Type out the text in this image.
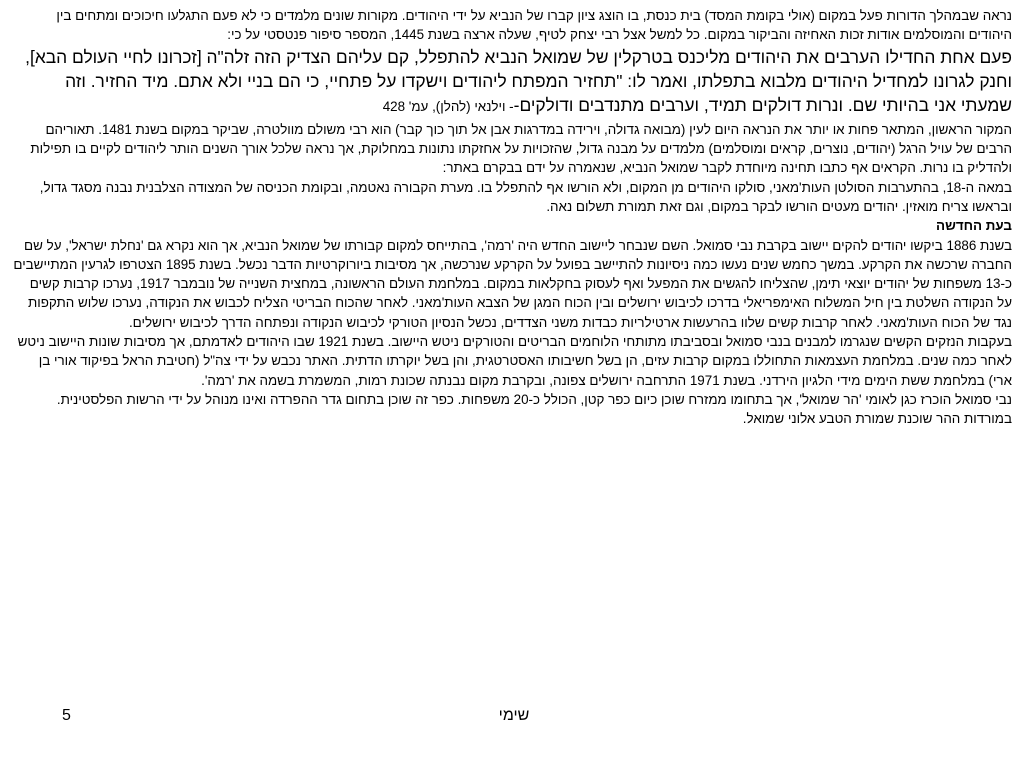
נראה שבמהלך הדורות פעל במקום (אולי בקומת המסד) בית כנסת, בו הוצג ציון קברו של הנביא על ידי היהודים. מקורות שונים מלמדים כי לא פעם התגלעו חיכוכים ומתחים בין היהודים והמוסלמים אודות זכות האחיזה והביקור במקום. כל למשל אצל רבי יצחק לטיף, שעלה ארצה בשנת 1445, המספר סיפור פנטסטי על כי:

פעם אחת החדילו הערבים את היהודים מליכנס בטרקלין של שמואל הנביא להתפלל, קם עליהם הצדיק הזה זלה"ה [זכרונו לחיי העולם הבא], וחנק לגרונו למחדיל היהודים מלבוא בתפלתו, ואמר לו: "תחזיר המפתח ליהודים וישקדו על פתחיי, כי הם בניי ולא אתם. מיד החזיר. וזה שמעתי אני בהיותי שם. ונרות דולקים תמיד, וערבים מתנדבים ודולקים-- וילנאי (להלן), עמ' 428

המקור הראשון, המתאר פחות או יותר את הנראה היום לעין (מבואה גדולה, וירידה במדרגות אבן אל תוך כוך קבר) הוא רבי משולם מוולטרה, שביקר במקום בשנת 1481. תאוריהם הרבים של עויל הרגל (יהודים, נוצרים, קראים ומוסלמים) מלמדים על מבנה גדול, שהזכויות על אחזקתו נתונות במחלוקת, אך נראה שלכל אורך השנים הותר ליהודים לקיים בו תפילות ולהדליק בו נרות. הקראים אף כתבו תחינה מיוחדת לקבר שמואל הנביא, שנאמרה על ידם בבקרם באתר:

במאה ה-18, בהתערבות הסולטן העות'מאני, סולקו היהודים מן המקום, ולא הורשו אף להתפלל בו. מערת הקבורה נאטמה, ובקומת הכניסה של המצודה הצלבנית נבנה מסגד גדול, ובראשו צריח מואזין. יהודים מעטים הורשו לבקר במקום, וגם זאת תמורת תשלום נאה.

בעת החדשה

בשנת 1886 ביקשו יהודים להקים יישוב בקרבת נבי סמואל. השם שנבחר ליישוב החדש היה 'רמה', בהתייחס למקום קבורתו של שמואל הנביא, אך הוא נקרא גם 'נחלת ישראל', על שם החברה שרכשה את הקרקע. במשך כחמש שנים נעשו כמה ניסיונות להתיישב בפועל על הקרקע שנרכשה, אך מסיבות ביורוקרטיות הדבר נכשל. בשנת 1895 הצטרפו לגרעין המתיישבים כ-13 משפחות של יהודים יוצאי תימן, שהצליחו להגשים את המפעל ואף לעסוק בחקלאות במקום. במלחמת העולם הראשונה, במחצית השנייה של נובמבר 1917, נערכו קרבות קשים על הנקודה השלטת בין חיל המשלוח האימפריאלי בדרכו לכיבוש ירושלים ובין הכוח המגן של הצבא העות'מאני. לאחר שהכוח הבריטי הצליח לכבוש את הנקודה, נערכו שלוש התקפות נגד של הכוח העות'מאני. לאחר קרבות קשים שלוו בהרעשות ארטילריות כבדות משני הצדדים, נכשל הנסיון הטורקי לכיבוש הנקודה ונפתחה הדרך לכיבוש ירושלים.

בעקבות הנזקים הקשים שנגרמו למבנים בנבי סמואל ובסביבתו מתותחי הלוחמים הבריטים והטורקים ניטש היישוב. בשנת 1921 שבו היהודים לאדמתם, אך מסיבות שונות היישוב ניטש לאחר כמה שנים. במלחמת העצמאות התחוללו במקום קרבות עזים, הן בשל חשיבותו האסטרטגית, והן בשל יוקרתו הדתית. האתר נכבש על ידי צה"ל (חטיבת הראל בפיקוד אורי בן ארי) במלחמת ששת הימים מידי הלגיון הירדני. בשנת 1971 התרחבה ירושלים צפונה, ובקרבת מקום נבנתה שכונת רמות, המשמרת בשמה את 'רמה'.

נבי סמואל הוכרז כגן לאומי 'הר שמואל', אך בתחומו ממזרח שוכן כיום כפר קטן, הכולל כ-20 משפחות. כפר זה שוכן בתחום גדר ההפרדה ואינו מנוהל על ידי הרשות הפלסטינית.

במורדות ההר שוכנת שמורת הטבע אלוני שמואל.

5	שימי
